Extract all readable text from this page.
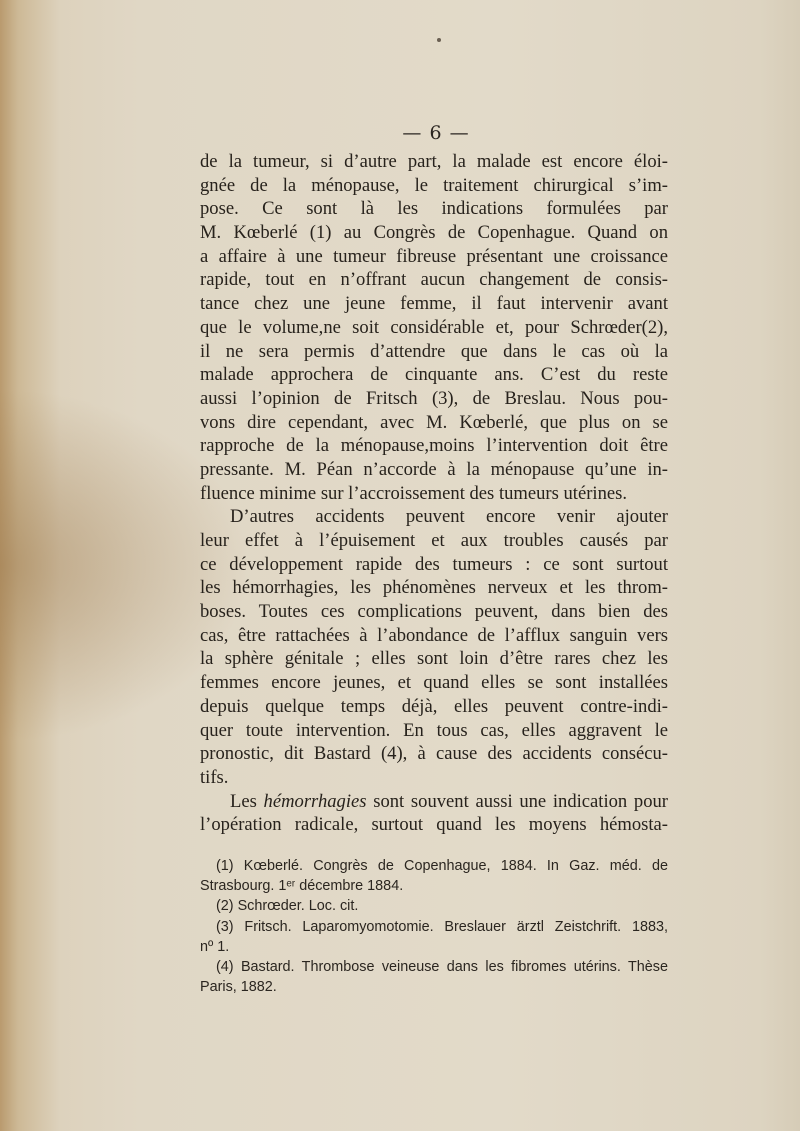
— 6 —
de la tumeur, si d’autre part, la malade est encore éloi-
gnée de la ménopause, le traitement chirurgical s’im-
pose. Ce sont là les indications formulées par
M. Kœberlé (1) au Congrès de Copenhague. Quand on
a affaire à une tumeur fibreuse présentant une croissance
rapide, tout en n’offrant aucun changement de consis-
tance chez une jeune femme, il faut intervenir avant
que le volume,ne soit considérable et, pour Schrœder(2),
il ne sera permis d’attendre que dans le cas où la
malade approchera de cinquante ans. C’est du reste
aussi l’opinion de Fritsch (3), de Breslau. Nous pou-
vons dire cependant, avec M. Kœberlé, que plus on se
rapproche de la ménopause,moins l’intervention doit être
pressante. M. Péan n’accorde à la ménopause qu’une in-
fluence minime sur l’accroissement des tumeurs utérines.
D’autres accidents peuvent encore venir ajouter
leur effet à l’épuisement et aux troubles causés par
ce développement rapide des tumeurs : ce sont surtout
les hémorrhagies, les phénomènes nerveux et les throm-
boses. Toutes ces complications peuvent, dans bien des
cas, être rattachées à l’abondance de l’afflux sanguin vers
la sphère génitale ; elles sont loin d’être rares chez les
femmes encore jeunes, et quand elles se sont installées
depuis quelque temps déjà, elles peuvent contre-indi-
quer toute intervention. En tous cas, elles aggravent le
pronostic, dit Bastard (4), à cause des accidents consécu-
tifs.
Les hémorrhagies sont souvent aussi une indication pour
l’opération radicale, surtout quand les moyens hémosta-
(1) Kœberlé. Congrès de Copenhague, 1884. In Gaz. méd. de
Strasbourg. 1ᵉʳ décembre 1884.
(2) Schrœder. Loc. cit.
(3) Fritsch. Laparomyomotomie. Breslauer ärztl Zeistchrift. 1883,
nº 1.
(4) Bastard. Thrombose veineuse dans les fibromes utérins. Thèse
Paris, 1882.
